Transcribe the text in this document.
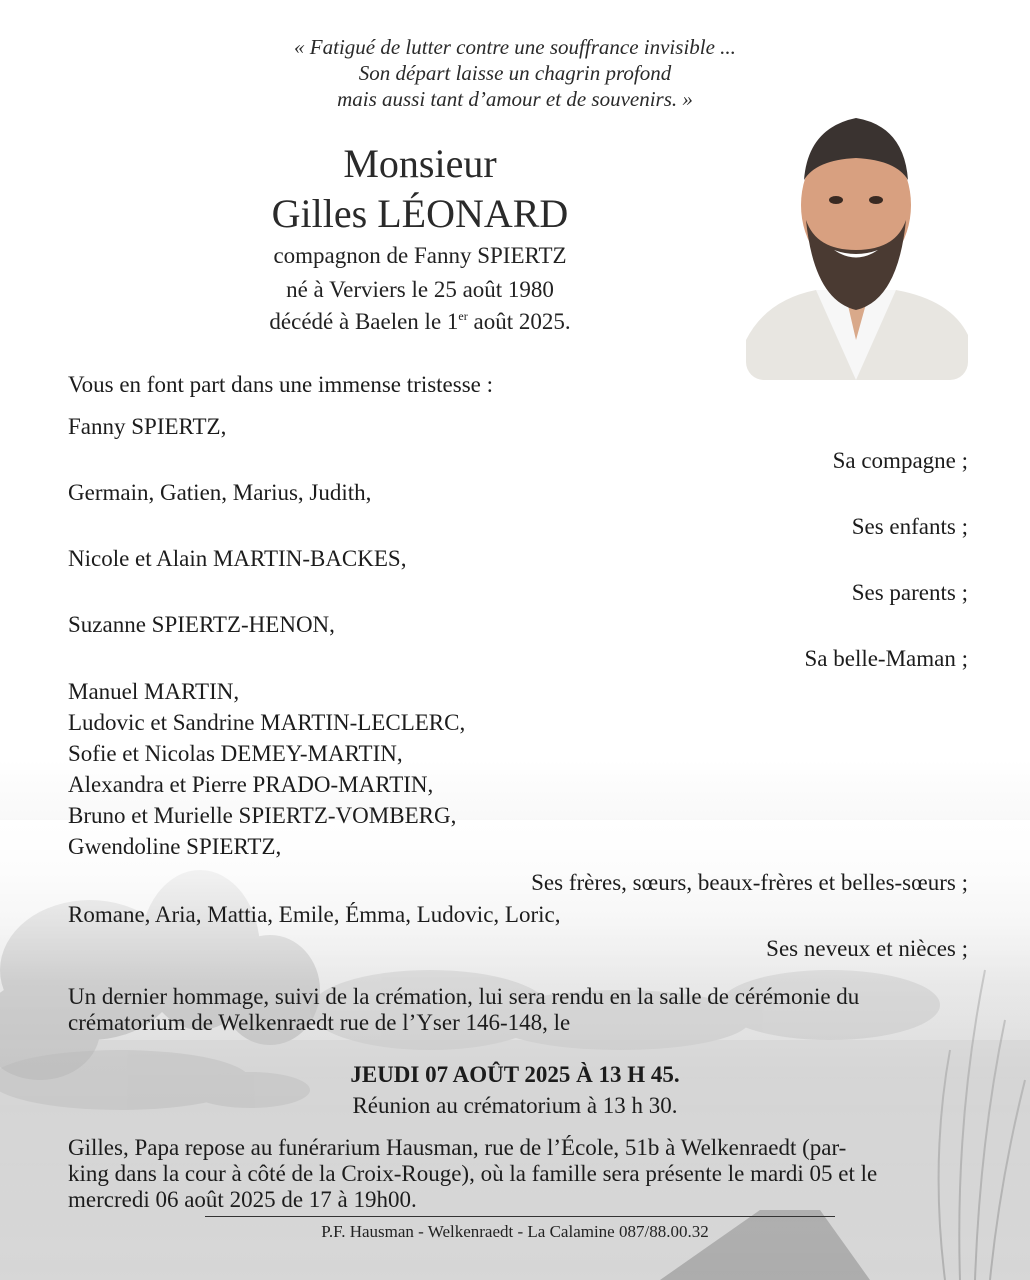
« Fatigué de lutter contre une souffrance invisible ...
Son départ laisse un chagrin profond
mais aussi tant d’amour et de souvenirs. »
Monsieur
Gilles LÉONARD
compagnon de Fanny SPIERTZ
né à Verviers le 25 août 1980
décédé à Baelen le 1er août 2025.
Vous en font part dans une immense tristesse :
Fanny SPIERTZ,
Sa compagne ;
Germain, Gatien, Marius, Judith,
Ses enfants ;
Nicole et Alain MARTIN-BACKES,
Ses parents ;
Suzanne SPIERTZ-HENON,
Sa belle-Maman ;
Manuel MARTIN,
Ludovic et Sandrine MARTIN-LECLERC,
Sofie et Nicolas DEMEY-MARTIN,
Alexandra et Pierre PRADO-MARTIN,
Bruno et Murielle SPIERTZ-VOMBERG,
Gwendoline SPIERTZ,
Ses frères, sœurs, beaux-frères et belles-sœurs ;
Romane, Aria, Mattia, Emile, Émma, Ludovic, Loric,
Ses neveux et nièces ;
Un dernier hommage, suivi de la crémation, lui sera rendu en la salle de cérémonie du
crématorium de Welkenraedt rue de l’Yser 146-148, le
JEUDI 07 AOÛT 2025 À 13 H 45.
Réunion au crématorium à 13 h 30.
Gilles, Papa repose au funérarium Hausman, rue de l’École, 51b à Welkenraedt (par-
king dans la cour à côté de la Croix-Rouge), où la famille sera présente le mardi 05 et le
mercredi 06 août 2025 de 17 à 19h00.
P.F. Hausman - Welkenraedt - La Calamine 087/88.00.32
